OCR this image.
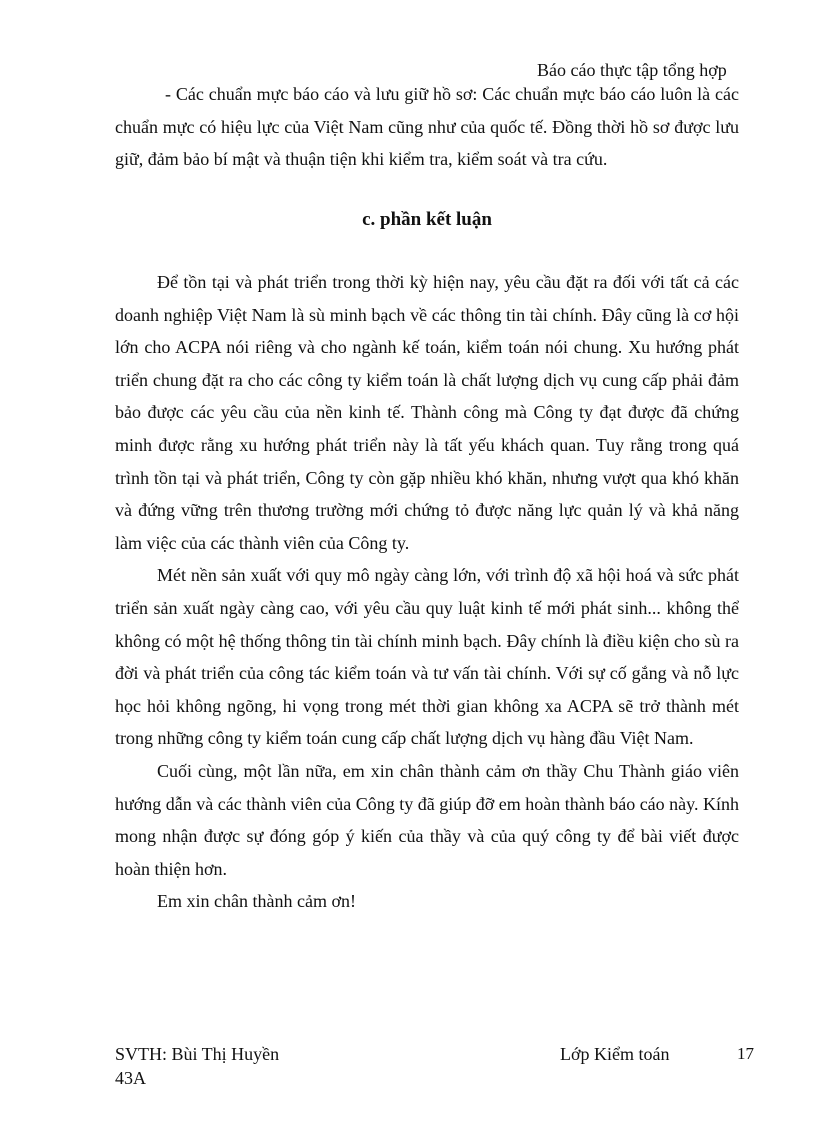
Báo cáo thực tập tổng hợp

- Các chuẩn mực báo cáo và lưu giữ hồ sơ: Các chuẩn mực báo cáo luôn là các chuẩn mực có hiệu lực của Việt Nam cũng như của quốc tế. Đồng thời hồ sơ được lưu giữ, đảm bảo bí mật và thuận tiện khi kiểm tra, kiểm soát và tra cứu.

c. phần kết luận

Để tồn tại và phát triển trong thời kỳ hiện nay, yêu cầu đặt ra đối với tất cả các doanh nghiệp Việt Nam là sù minh bạch về các thông tin tài chính. Đây cũng là cơ hội lớn cho ACPA nói riêng và cho ngành kế toán, kiểm toán nói chung. Xu hướng phát triển chung đặt ra cho các công ty kiểm toán là chất lượng dịch vụ cung cấp phải đảm bảo được các yêu cầu của nền kinh tế. Thành công mà Công ty đạt được đã chứng minh được rằng xu hướng phát triển này là tất yếu khách quan. Tuy rằng trong quá trình tồn tại và phát triển, Công ty còn gặp nhiều khó khăn, nhưng vượt qua khó khăn và đứng vững trên thương trường mới chứng tỏ được năng lực quản lý và khả năng làm việc của các thành viên của Công ty.

Mét nền sản xuất với quy mô ngày càng lớn, với trình độ xã hội hoá và sức phát triển sản xuất ngày càng cao, với yêu cầu quy luật kinh tế mới phát sinh... không thể không có một hệ thống thông tin tài chính minh bạch. Đây chính là điều kiện cho sù ra đời và phát triển của công tác kiểm toán và tư vấn tài chính. Với sự cố gắng và nỗ lực học hỏi không ngõng, hi vọng trong mét thời gian không xa ACPA sẽ trở thành mét trong những công ty kiểm toán cung cấp chất lượng dịch vụ hàng đầu Việt Nam.

Cuối cùng, một lần nữa, em xin chân thành cảm ơn thầy Chu Thành giáo viên hướng dẫn và các thành viên của Công ty đã giúp đỡ em hoàn thành báo cáo này. Kính mong nhận được sự đóng góp ý kiến của thầy và của quý công ty để bài viết được hoàn thiện hơn.

Em xin chân thành cảm ơn!

SVTH: Bùi Thị Huyền
43A
Lớp Kiểm toán	17
